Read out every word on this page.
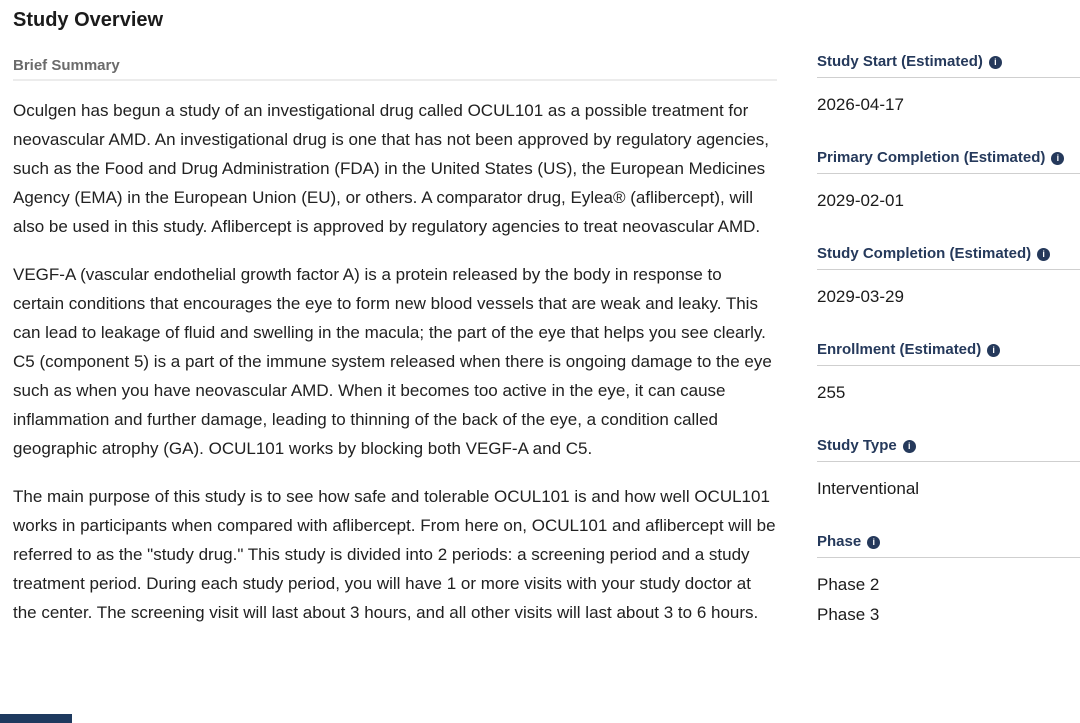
Study Overview
Brief Summary

Oculgen has begun a study of an investigational drug called OCUL101 as a possible treatment for neovascular AMD. An investigational drug is one that has not been approved by regulatory agencies, such as the Food and Drug Administration (FDA) in the United States (US), the European Medicines Agency (EMA) in the European Union (EU), or others. A comparator drug, Eylea® (aflibercept), will also be used in this study. Aflibercept is approved by regulatory agencies to treat neovascular AMD.

VEGF-A (vascular endothelial growth factor A) is a protein released by the body in response to certain conditions that encourages the eye to form new blood vessels that are weak and leaky. This can lead to leakage of fluid and swelling in the macula; the part of the eye that helps you see clearly. C5 (component 5) is a part of the immune system released when there is ongoing damage to the eye such as when you have neovascular AMD. When it becomes too active in the eye, it can cause inflammation and further damage, leading to thinning of the back of the eye, a condition called geographic atrophy (GA). OCUL101 works by blocking both VEGF-A and C5.

The main purpose of this study is to see how safe and tolerable OCUL101 is and how well OCUL101 works in participants when compared with aflibercept. From here on, OCUL101 and aflibercept will be referred to as the "study drug." This study is divided into 2 periods: a screening period and a study treatment period. During each study period, you will have 1 or more visits with your study doctor at the center. The screening visit will last about 3 hours, and all other visits will last about 3 to 6 hours.

Study Start (Estimated) i
2026-04-17
Primary Completion (Estimated) i
2029-02-01
Study Completion (Estimated) i
2029-03-29
Enrollment (Estimated) i
255
Study Type i
Interventional
Phase i
Phase 2
Phase 3
